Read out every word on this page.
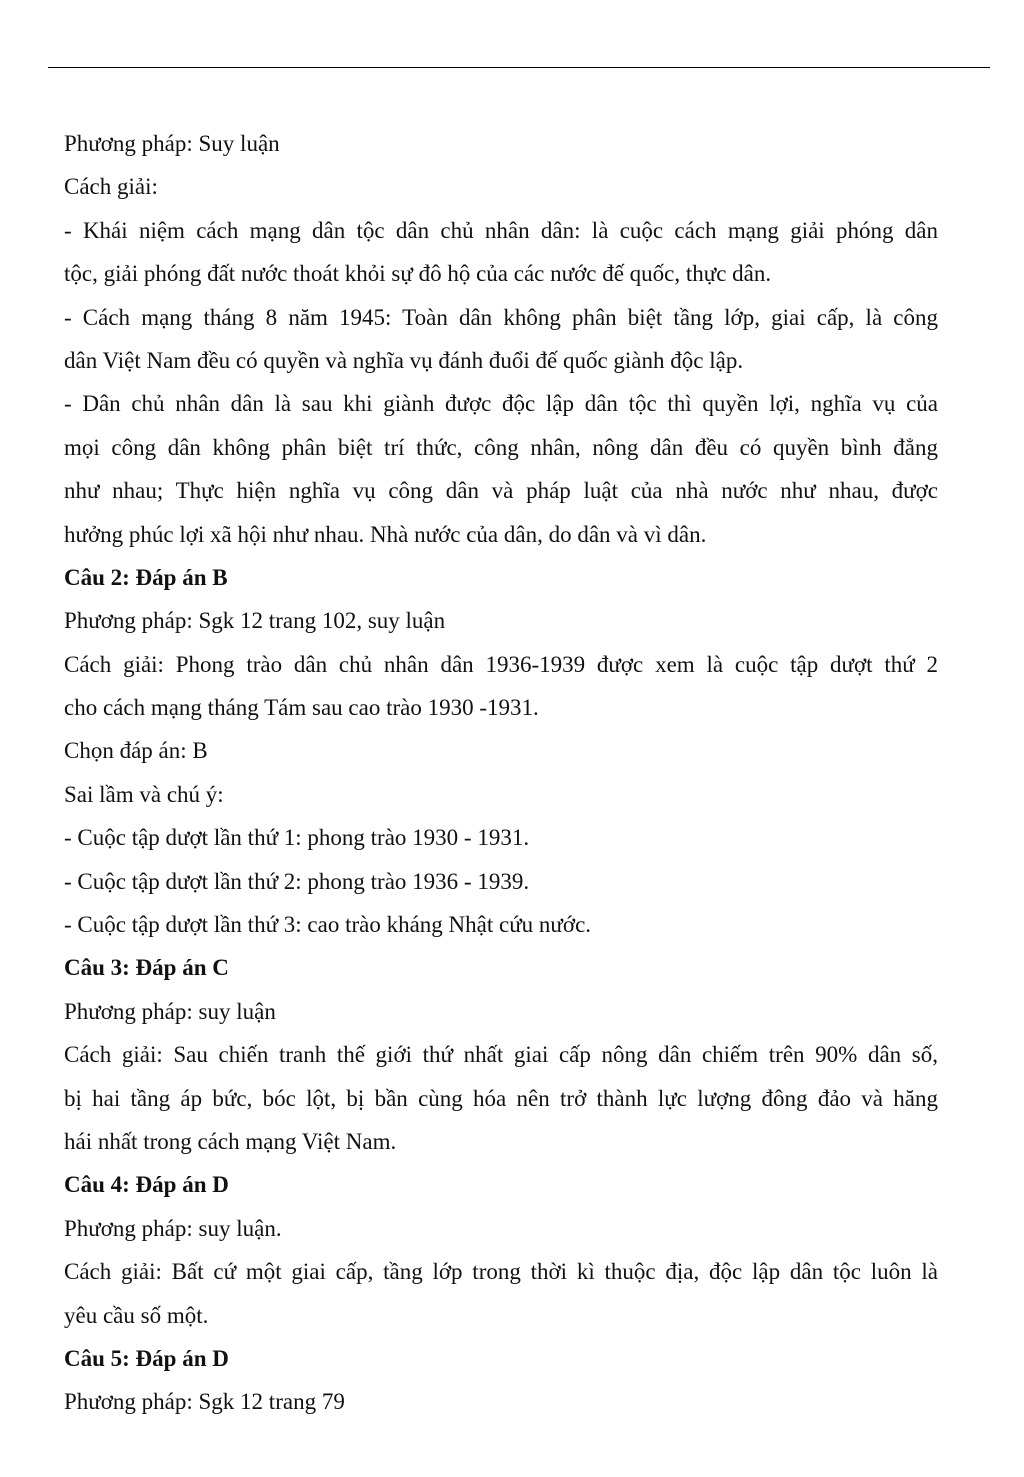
Phương pháp: Suy luận
Cách giải:
- Khái niệm cách mạng dân tộc dân chủ nhân dân: là cuộc cách mạng giải phóng dân
tộc, giải phóng đất nước thoát khỏi sự đô hộ của các nước đế quốc, thực dân.
- Cách mạng tháng 8 năm 1945: Toàn dân không phân biệt tầng lớp, giai cấp, là công
dân Việt Nam đều có quyền và nghĩa vụ đánh đuổi đế quốc giành độc lập.
- Dân chủ nhân dân là sau khi giành được độc lập dân tộc thì quyền lợi, nghĩa vụ của
mọi công dân không phân biệt trí thức, công nhân, nông dân đều có quyền bình đẳng
như nhau; Thực hiện nghĩa vụ công dân và pháp luật của nhà nước như nhau, được
hưởng phúc lợi xã hội như nhau. Nhà nước của dân, do dân và vì dân.
Câu 2: Đáp án B
Phương pháp: Sgk 12 trang 102, suy luận
Cách giải: Phong trào dân chủ nhân dân 1936-1939 được xem là cuộc tập dượt thứ 2
cho cách mạng tháng Tám sau cao trào 1930 -1931.
Chọn đáp án: B
Sai lầm và chú ý:
- Cuộc tập dượt lần thứ 1: phong trào 1930 - 1931.
- Cuộc tập dượt lần thứ 2: phong trào 1936 - 1939.
- Cuộc tập dượt lần thứ 3: cao trào kháng Nhật cứu nước.
Câu 3: Đáp án C
Phương pháp: suy luận
Cách giải: Sau chiến tranh thế giới thứ nhất giai cấp nông dân chiếm trên 90% dân số,
bị hai tầng áp bức, bóc lột, bị bần cùng hóa nên trở thành lực lượng đông đảo và hăng
hái nhất trong cách mạng Việt Nam.
Câu 4: Đáp án D
Phương pháp: suy luận.
Cách giải: Bất cứ một giai cấp, tầng lớp trong thời kì thuộc địa, độc lập dân tộc luôn là
yêu cầu số một.
Câu 5: Đáp án D
Phương pháp: Sgk 12 trang 79
